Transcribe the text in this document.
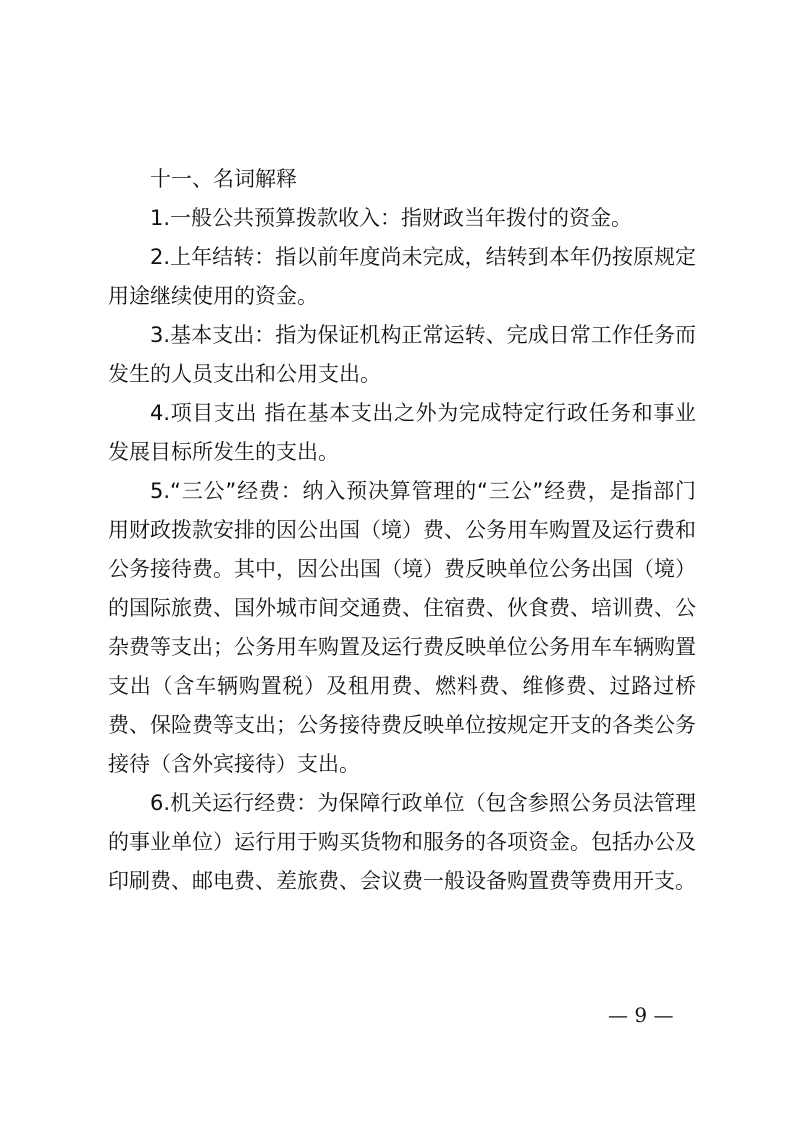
十一、名词解释

1.一般公共预算拨款收入：指财政当年拨付的资金。

2.上年结转：指以前年度尚未完成，结转到本年仍按原规定用途继续使用的资金。

3.基本支出：指为保证机构正常运转、完成日常工作任务而发生的人员支出和公用支出。

4.项目支出 指在基本支出之外为完成特定行政任务和事业发展目标所发生的支出。

5.“三公”经费：纳入预决算管理的“三公”经费，是指部门用财政拨款安排的因公出国（境）费、公务用车购置及运行费和公务接待费。其中，因公出国（境）费反映单位公务出国（境）的国际旅费、国外城市间交通费、住宿费、伙食费、培训费、公杂费等支出；公务用车购置及运行费反映单位公务用车车辆购置支出（含车辆购置税）及租用费、燃料费、维修费、过路过桥费、保险费等支出；公务接待费反映单位按规定开支的各类公务接待（含外宾接待）支出。

6.机关运行经费：为保障行政单位（包含参照公务员法管理的事业单位）运行用于购买货物和服务的各项资金。包括办公及印刷费、邮电费、差旅费、会议费一般设备购置费等费用开支。

— 9 —
